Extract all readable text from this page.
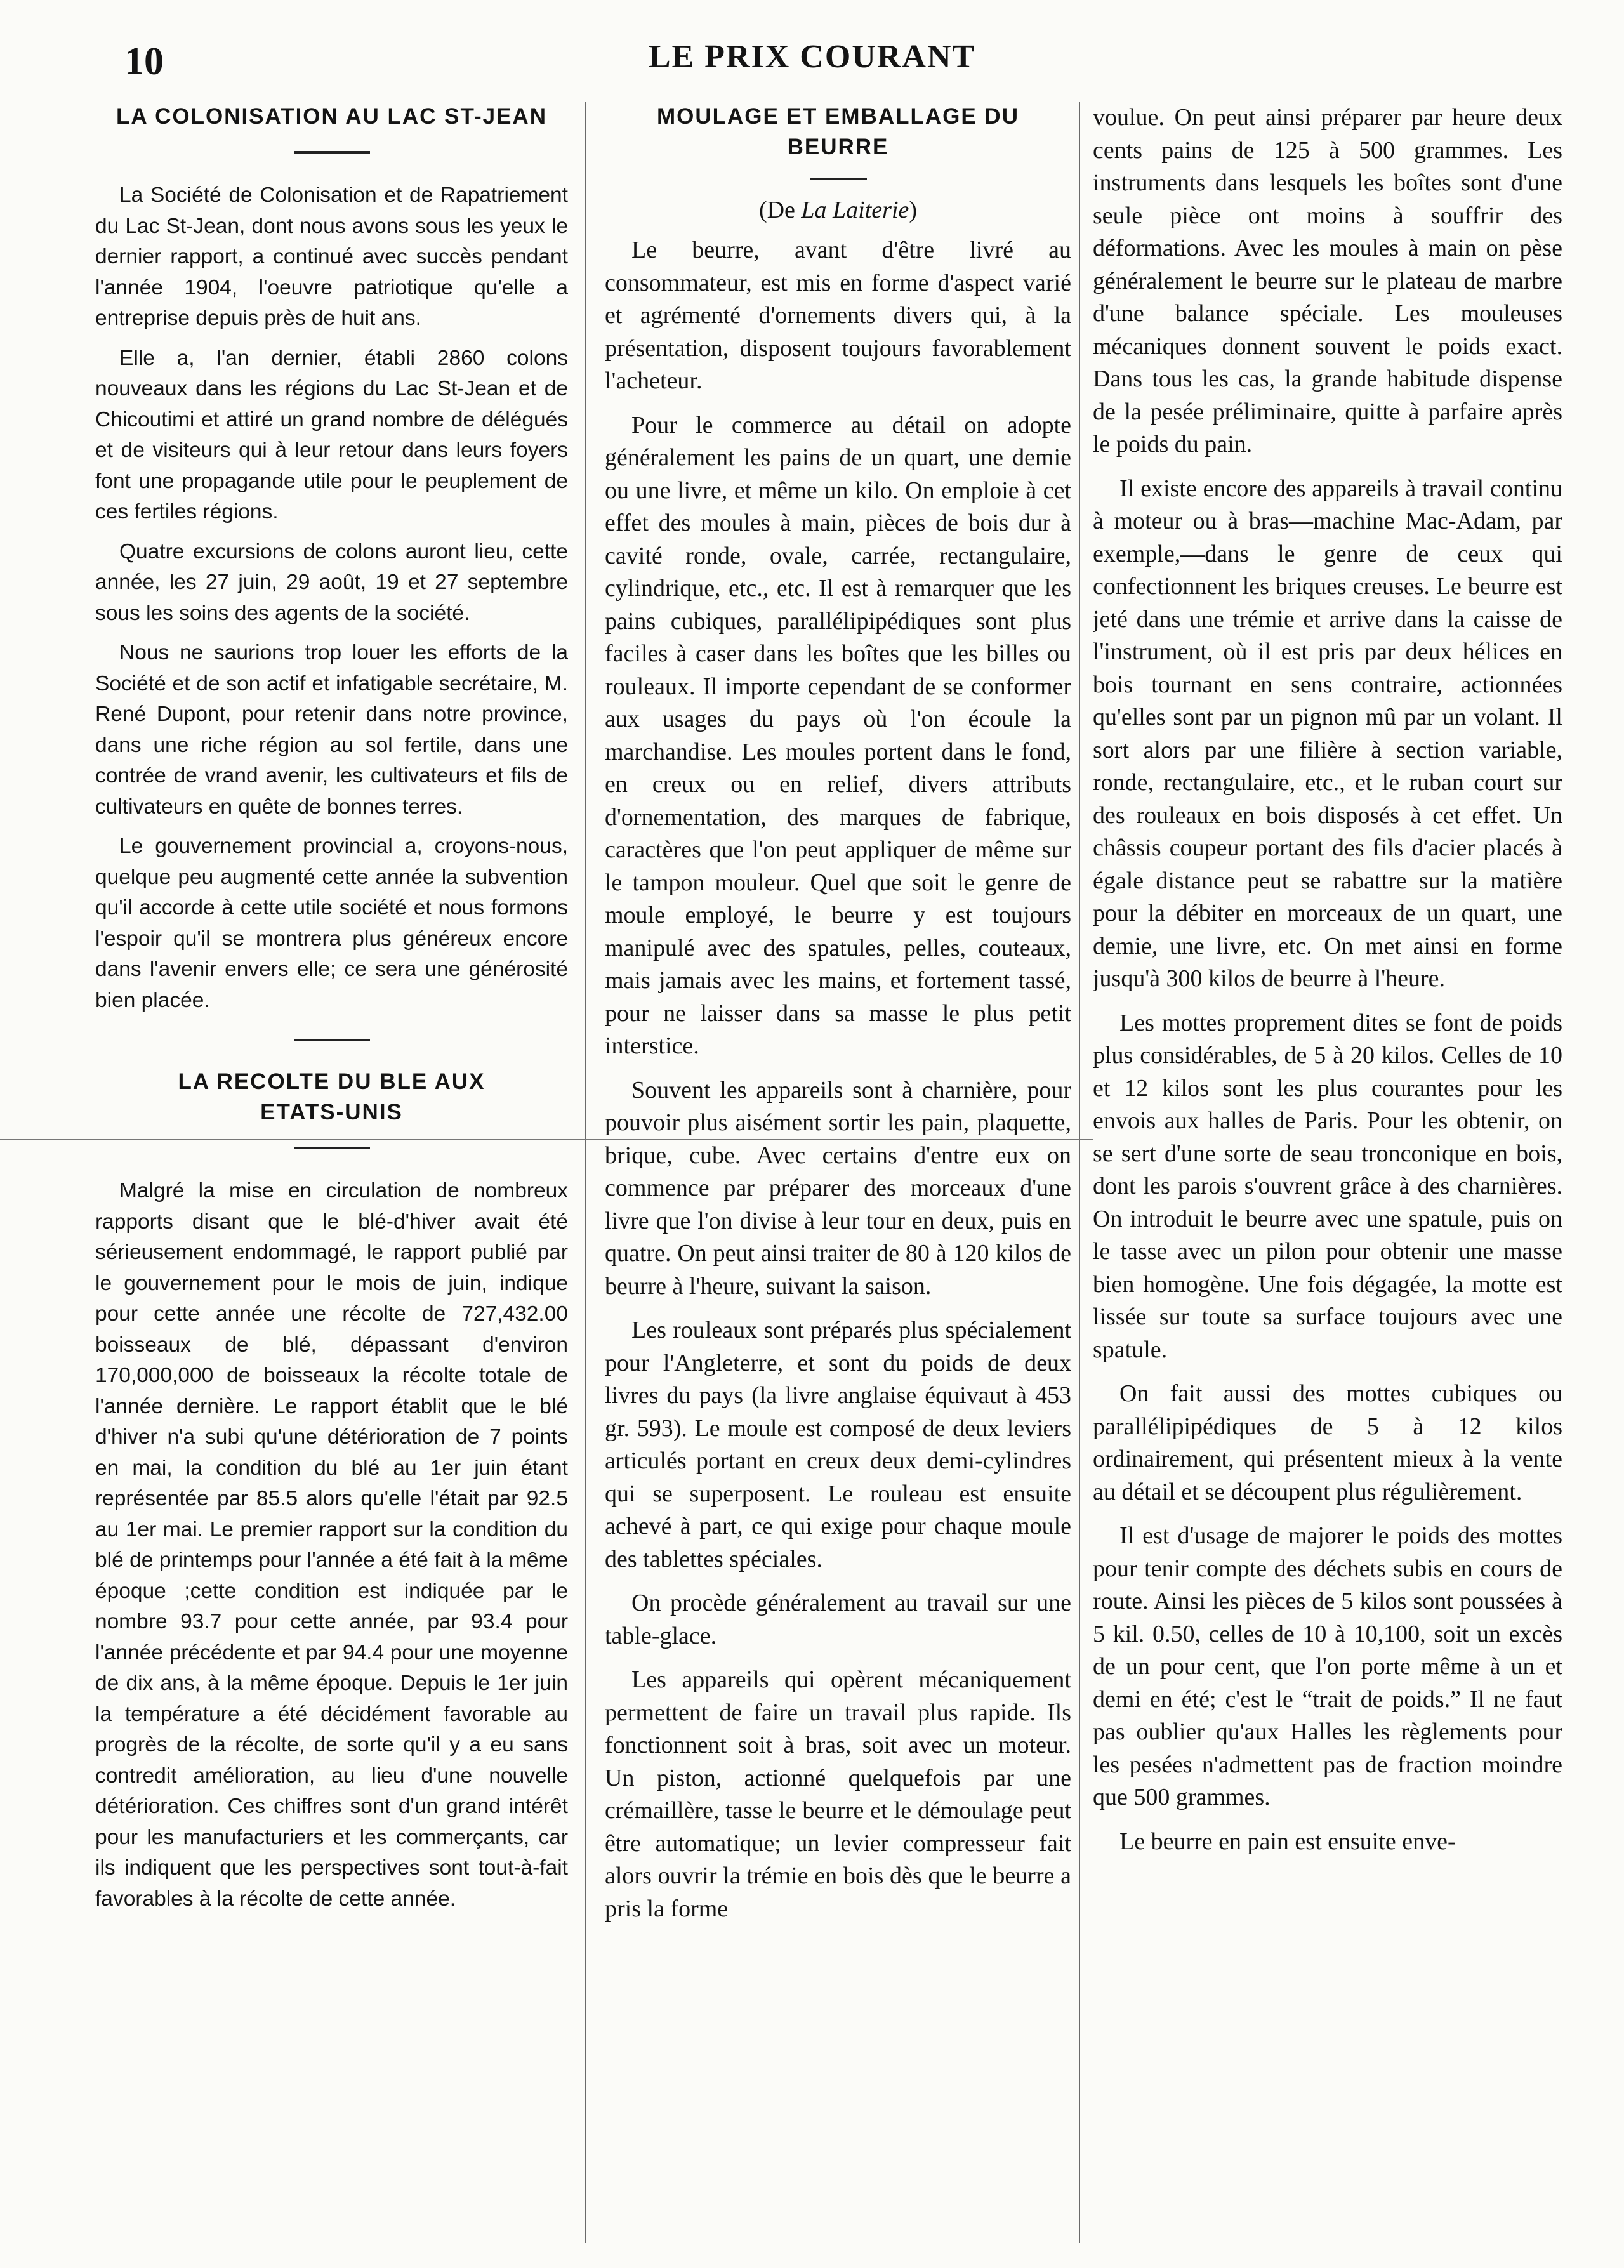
10	LE PRIX COURANT
LA COLONISATION AU LAC ST-JEAN

La Société de Colonisation et de Rapatriement du Lac St-Jean, dont nous avons sous les yeux le dernier rapport, a continué avec succès pendant l'année 1904, l'oeuvre patriotique qu'elle a entreprise depuis près de huit ans.

Elle a, l'an dernier, établi 2860 colons nouveaux dans les régions du Lac St-Jean et de Chicoutimi et attiré un grand nombre de délégués et de visiteurs qui à leur retour dans leurs foyers font une propagande utile pour le peuplement de ces fertiles régions.

Quatre excursions de colons auront lieu, cette année, les 27 juin, 29 août, 19 et 27 septembre sous les soins des agents de la société.

Nous ne saurions trop louer les efforts de la Société et de son actif et infatigable secrétaire, M. René Dupont, pour retenir dans notre province, dans une riche région au sol fertile, dans une contrée de vrand avenir, les cultivateurs et fils de cultivateurs en quête de bonnes terres.

Le gouvernement provincial a, croyons-nous, quelque peu augmenté cette année la subvention qu'il accorde à cette utile société et nous formons l'espoir qu'il se montrera plus généreux encore dans l'avenir envers elle; ce sera une générosité bien placée.

LA RECOLTE DU BLE AUX ETATS-UNIS

Malgré la mise en circulation de nombreux rapports disant que le blé-d'hiver avait été sérieusement endommagé, le rapport publié par le gouvernement pour le mois de juin, indique pour cette année une récolte de 727,432.00 boisseaux de blé, dépassant d'environ 170,000,000 de boisseaux la récolte totale de l'année dernière. Le rapport établit que le blé d'hiver n'a subi qu'une détérioration de 7 points en mai, la condition du blé au 1er juin étant représentée par 85.5 alors qu'elle l'était par 92.5 au 1er mai. Le premier rapport sur la condition du blé de printemps pour l'année a été fait à la même époque ;cette condition est indiquée par le nombre 93.7 pour cette année, par 93.4 pour l'année précédente et par 94.4 pour une moyenne de dix ans, à la même époque. Depuis le 1er juin la température a été décidément favorable au progrès de la récolte, de sorte qu'il y a eu sans contredit amélioration, au lieu d'une nouvelle détérioration. Ces chiffres sont d'un grand intérêt pour les manufacturiers et les commerçants, car ils indiquent que les perspectives sont tout-à-fait favorables à la récolte de cette année.

MOULAGE ET EMBALLAGE DU BEURRE
(De La Laiterie)

Le beurre, avant d'être livré au consommateur, est mis en forme d'aspect varié et agrémenté d'ornements divers qui, à la présentation, disposent toujours favorablement l'acheteur.

Pour le commerce au détail on adopte généralement les pains de un quart, une demie ou une livre, et même un kilo. On emploie à cet effet des moules à main, pièces de bois dur à cavité ronde, ovale, carrée, rectangulaire, cylindrique, etc., etc. Il est à remarquer que les pains cubiques, parallélipipédiques sont plus faciles à caser dans les boîtes que les billes ou rouleaux. Il importe cependant de se conformer aux usages du pays où l'on écoule la marchandise. Les moules portent dans le fond, en creux ou en relief, divers attributs d'ornementation, des marques de fabrique, caractères que l'on peut appliquer de même sur le tampon mouleur. Quel que soit le genre de moule employé, le beurre y est toujours manipulé avec des spatules, pelles, couteaux, mais jamais avec les mains, et fortement tassé, pour ne laisser dans sa masse le plus petit interstice.

Souvent les appareils sont à charnière, pour pouvoir plus aisément sortir les pain, plaquette, brique, cube. Avec certains d'entre eux on commence par préparer des morceaux d'une livre que l'on divise à leur tour en deux, puis en quatre. On peut ainsi traiter de 80 à 120 kilos de beurre à l'heure, suivant la saison.

Les rouleaux sont préparés plus spécialement pour l'Angleterre, et sont du poids de deux livres du pays (la livre anglaise équivaut à 453 gr. 593). Le moule est composé de deux leviers articulés portant en creux deux demi-cylindres qui se superposent. Le rouleau est ensuite achevé à part, ce qui exige pour chaque moule des tablettes spéciales.

On procède généralement au travail sur une table-glace.

Les appareils qui opèrent mécaniquement permettent de faire un travail plus rapide. Ils fonctionnent soit à bras, soit avec un moteur. Un piston, actionné quelquefois par une crémaillère, tasse le beurre et le démoulage peut être automatique; un levier compresseur fait alors ouvrir la trémie en bois dès que le beurre a pris la forme

voulue. On peut ainsi préparer par heure deux cents pains de 125 à 500 grammes. Les instruments dans lesquels les boîtes sont d'une seule pièce ont moins à souffrir des déformations. Avec les moules à main on pèse généralement le beurre sur le plateau de marbre d'une balance spéciale. Les mouleuses mécaniques donnent souvent le poids exact. Dans tous les cas, la grande habitude dispense de la pesée préliminaire, quitte à parfaire après le poids du pain.

Il existe encore des appareils à travail continu à moteur ou à bras—machine Mac-Adam, par exemple,—dans le genre de ceux qui confectionnent les briques creuses. Le beurre est jeté dans une trémie et arrive dans la caisse de l'instrument, où il est pris par deux hélices en bois tournant en sens contraire, actionnées qu'elles sont par un pignon mû par un volant. Il sort alors par une filière à section variable, ronde, rectangulaire, etc., et le ruban court sur des rouleaux en bois disposés à cet effet. Un châssis coupeur portant des fils d'acier placés à égale distance peut se rabattre sur la matière pour la débiter en morceaux de un quart, une demie, une livre, etc. On met ainsi en forme jusqu'à 300 kilos de beurre à l'heure.

Les mottes proprement dites se font de poids plus considérables, de 5 à 20 kilos. Celles de 10 et 12 kilos sont les plus courantes pour les envois aux halles de Paris. Pour les obtenir, on se sert d'une sorte de seau tronconique en bois, dont les parois s'ouvrent grâce à des charnières. On introduit le beurre avec une spatule, puis on le tasse avec un pilon pour obtenir une masse bien homogène. Une fois dégagée, la motte est lissée sur toute sa surface toujours avec une spatule.

On fait aussi des mottes cubiques ou parallélipipédiques de 5 à 12 kilos ordinairement, qui présentent mieux à la vente au détail et se découpent plus régulièrement.

Il est d'usage de majorer le poids des mottes pour tenir compte des déchets subis en cours de route. Ainsi les pièces de 5 kilos sont poussées à 5 kil. 0.50, celles de 10 à 10,100, soit un excès de un pour cent, que l'on porte même à un et demi en été; c'est le “trait de poids.” Il ne faut pas oublier qu'aux Halles les règlements pour les pesées n'admettent pas de fraction moindre que 500 grammes.

Le beurre en pain est ensuite enve-
